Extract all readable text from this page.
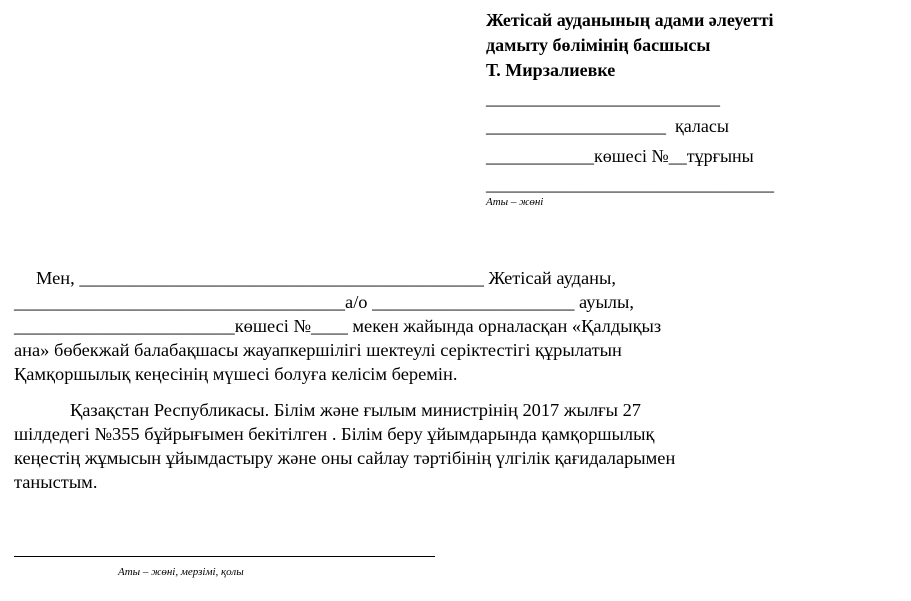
Жетісай ауданының адами әлеуетті
дамыту бөлімінің басшысы
Т. Мирзалиевке
__________________________
____________________ қаласы
____________көшесі №__тұрғыны
________________________________
Аты – жөні
Мен, ____________________________________________ Жетісай ауданы,
____________________________________а/о ______________________ ауылы,
________________________көшесі №____ мекен жайында орналасқан «Қалдықыз
ана» бөбекжай балабақшасы жауапкершілігі шектеулі серіктестігі құрылатын
Қамқоршылық кеңесінің мүшесі болуға келісім беремін.
Қазақстан Республикасы. Білім және ғылым министрінің 2017 жылғы 27
шілдедегі №355 бұйрығымен бекітілген . Білім беру ұйымдарында қамқоршылық
кеңестің жұмысын ұйымдастыру және оны сайлау тәртібінің үлгілік қағидаларымен
таныстым.
Аты – жөні, мерзімі, қолы
